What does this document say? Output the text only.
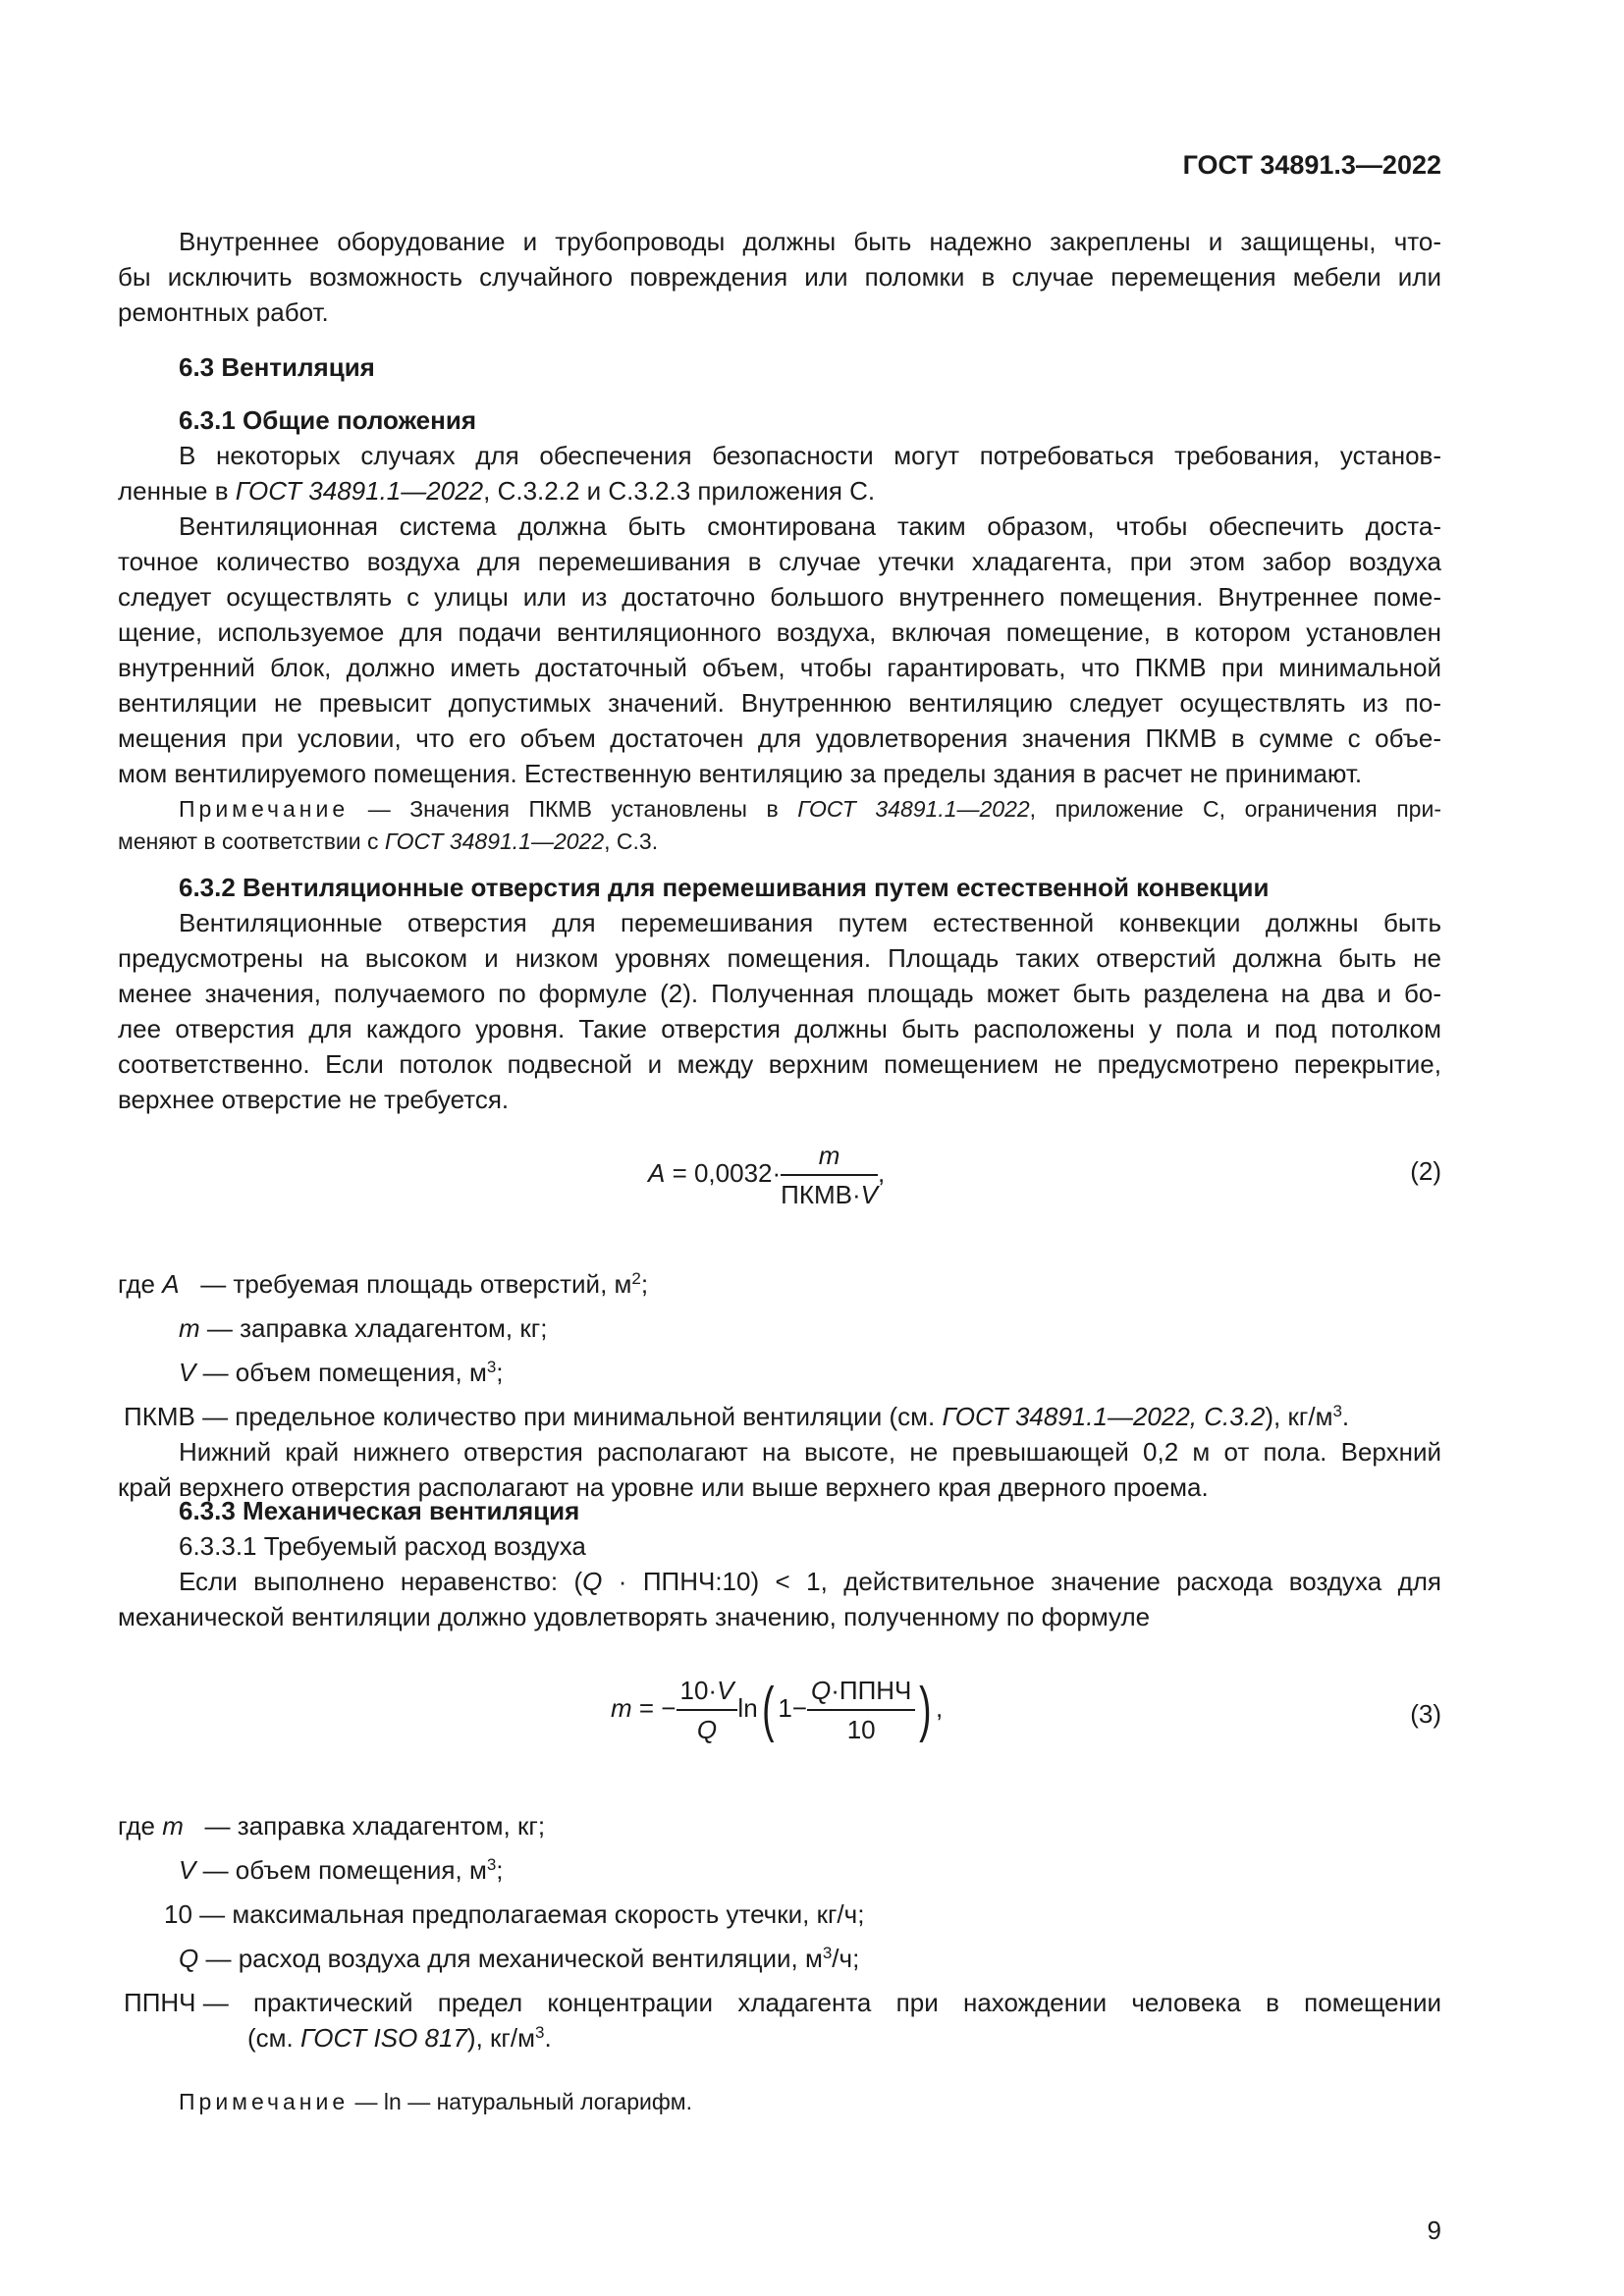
ГОСТ 34891.3—2022
Внутреннее оборудование и трубопроводы должны быть надежно закреплены и защищены, что-
бы исключить возможность случайного повреждения или поломки в случае перемещения мебели или
ремонтных работ.
6.3 Вентиляция
6.3.1 Общие положения
В некоторых случаях для обеспечения безопасности могут потребоваться требования, установ-
ленные в ГОСТ 34891.1—2022, С.3.2.2 и С.3.2.3 приложения С.
Вентиляционная система должна быть смонтирована таким образом, чтобы обеспечить доста-
точное количество воздуха для перемешивания в случае утечки хладагента, при этом забор воздуха
следует осуществлять с улицы или из достаточно большого внутреннего помещения. Внутреннее поме-
щение, используемое для подачи вентиляционного воздуха, включая помещение, в котором установлен
внутренний блок, должно иметь достаточный объем, чтобы гарантировать, что ПКМВ при минимальной
вентиляции не превысит допустимых значений. Внутреннюю вентиляцию следует осуществлять из по-
мещения при условии, что его объем достаточен для удовлетворения значения ПКМВ в сумме с объе-
мом вентилируемого помещения. Естественную вентиляцию за пределы здания в расчет не принимают.
Примечание — Значения ПКМВ установлены в ГОСТ 34891.1—2022, приложение С, ограничения при-
меняют в соответствии с ГОСТ 34891.1—2022, С.3.
6.3.2 Вентиляционные отверстия для перемешивания путем естественной конвекции
Вентиляционные отверстия для перемешивания путем естественной конвекции должны быть
предусмотрены на высоком и низком уровнях помещения. Площадь таких отверстий должна быть не
менее значения, получаемого по формуле (2). Полученная площадь может быть разделена на два и бо-
лее отверстия для каждого уровня. Такие отверстия должны быть расположены у пола и под потолком
соответственно. Если потолок подвесной и между верхним помещением не предусмотрено перекрытие,
верхнее отверстие не требуется.
$A = 0,0032\cdot \frac{m}{\text{ПКМВ·V}}$ ,	(2)
где A — требуемая площадь отверстий, $м^2$;
m — заправка хладагентом, кг;
V — объем помещения, $м^3$;
ПКМВ — предельное количество при минимальной вентиляции (см. ГОСТ 34891.1—2022, С.3.2), $кг/м^3$.
Нижний край нижнего отверстия располагают на высоте, не превышающей 0,2 м от пола. Верхний
край верхнего отверстия располагают на уровне или выше верхнего края дверного проема.
6.3.3 Механическая вентиляция
6.3.3.1 Требуемый расход воздуха
Если выполнено неравенство: (Q · ППНЧ:10) < 1, действительное значение расхода воздуха для
механической вентиляции должно удовлетворять значению, полученному по формуле
m = − $\frac{10\cdot V}{Q} \ln$( $1- \frac{\text{Q·ППНЧ}}{10}$ ) ,	(3)
где m — заправка хладагентом, кг;
V — объем помещения, $м^3$;
10 — максимальная предполагаемая скорость утечки, кг/ч;
Q — расход воздуха для механической вентиляции, $м^3/ч$;
ППНЧ
— практический предел концентрации хладагента при нахождении человека в помещении
(см. ГОСТ ISO 817), $кг/м^3$.
Примечание — ln — натуральный логарифм.
9
